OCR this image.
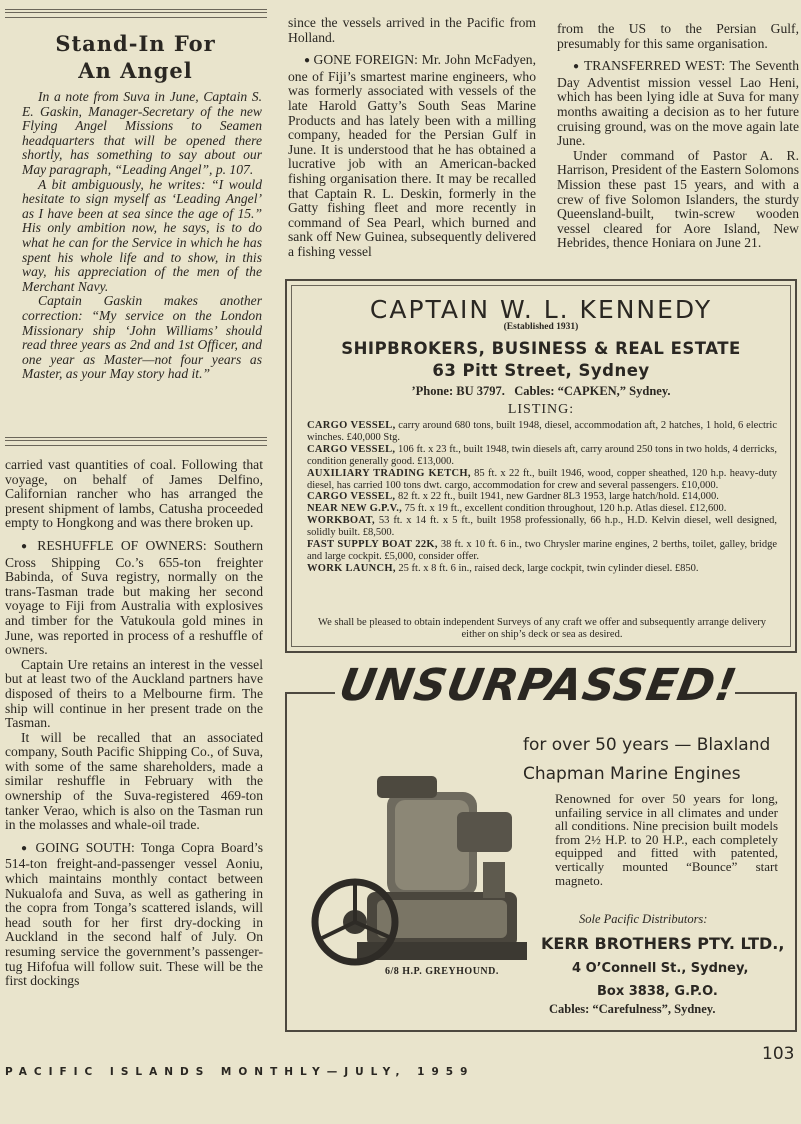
Stand-In For
An Angel

In a note from Suva in June, Captain S. E. Gaskin, Manager-Secretary of the new Flying Angel Missions to Seamen headquarters that will be opened there shortly, has something to say about our May paragraph, “Leading Angel”, p. 107.

A bit ambiguously, he writes: “I would hesitate to sign myself as ‘Leading Angel’ as I have been at sea since the age of 15.” His only ambition now, he says, is to do what he can for the Service in which he has spent his whole life and to show, in this way, his appreciation of the men of the Merchant Navy.

Captain Gaskin makes another correction: “My service on the London Missionary ship ‘John Williams’ should read three years as 2nd and 1st Officer, and one year as Master—not four years as Master, as your May story had it.”

carried vast quantities of coal. Following that voyage, on behalf of James Delfino, Californian rancher who has arranged the present shipment of lambs, Catusha proceeded empty to Hongkong and was there broken up.

● RESHUFFLE OF OWNERS: Southern Cross Shipping Co.’s 655-ton freighter Babinda, of Suva registry, normally on the trans-Tasman trade but making her second voyage to Fiji from Australia with explosives and timber for the Vatukoula gold mines in June, was reported in process of a reshuffle of owners.

Captain Ure retains an interest in the vessel but at least two of the Auckland partners have disposed of theirs to a Melbourne firm. The ship will continue in her present trade on the Tasman.

It will be recalled that an associated company, South Pacific Shipping Co., of Suva, with some of the same shareholders, made a similar reshuffle in February with the ownership of the Suva-registered 469-ton tanker Verao, which is also on the Tasman run in the molasses and whale-oil trade.

● GOING SOUTH: Tonga Copra Board’s 514-ton freight-and-passenger vessel Aoniu, which maintains monthly contact between Nukualofa and Suva, as well as gathering in the copra from Tonga’s scattered islands, will head south for her first dry-docking in Auckland in the second half of July. On resuming service the government’s passenger-tug Hifofua will follow suit. These will be the first dockings

since the vessels arrived in the Pacific from Holland.

● GONE FOREIGN: Mr. John McFadyen, one of Fiji’s smartest marine engineers, who was formerly associated with vessels of the late Harold Gatty’s South Seas Marine Products and has lately been with a milling company, headed for the Persian Gulf in June. It is understood that he has obtained a lucrative job with an American-backed fishing organisation there. It may be recalled that Captain R. L. Deskin, formerly in the Gatty fishing fleet and more recently in command of Sea Pearl, which burned and sank off New Guinea, subsequently delivered a fishing vessel

from the US to the Persian Gulf, presumably for this same organisation.

● TRANSFERRED WEST: The Seventh Day Adventist mission vessel Lao Heni, which has been lying idle at Suva for many months awaiting a decision as to her future cruising ground, was on the move again late June.

Under command of Pastor A. R. Harrison, President of the Eastern Solomons Mission these past 15 years, and with a crew of five Solomon Islanders, the sturdy Queensland-built, twin-screw wooden vessel cleared for Aore Island, New Hebrides, thence Honiara on June 21.

CAPTAIN W. L. KENNEDY
(Established 1931)
SHIPBROKERS, BUSINESS & REAL ESTATE
63 Pitt Street, Sydney
’Phone: BU 3797. Cables: “CAPKEN,” Sydney.
LISTING:

CARGO VESSEL, carry around 680 tons, built 1948, diesel, accommodation aft, 2 hatches, 1 hold, 6 electric winches. £40,000 Stg.

CARGO VESSEL, 106 ft. x 23 ft., built 1948, twin diesels aft, carry around 250 tons in two holds, 4 derricks, condition generally good. £13,000.

AUXILIARY TRADING KETCH, 85 ft. x 22 ft., built 1946, wood, copper sheathed, 120 h.p. heavy-duty diesel, has carried 100 tons dwt. cargo, accommodation for crew and several passengers. £10,000.

CARGO VESSEL, 82 ft. x 22 ft., built 1941, new Gardner 8L3 1953, large hatch/hold. £14,000.

NEAR NEW G.P.V., 75 ft. x 19 ft., excellent condition throughout, 120 h.p. Atlas diesel. £12,600.

WORKBOAT, 53 ft. x 14 ft. x 5 ft., built 1958 professionally, 66 h.p., H.D. Kelvin diesel, well designed, solidly built. £8,500.

FAST SUPPLY BOAT 22K, 38 ft. x 10 ft. 6 in., two Chrysler marine engines, 2 berths, toilet, galley, bridge and large cockpit. £5,000, consider offer.

WORK LAUNCH, 25 ft. x 8 ft. 6 in., raised deck, large cockpit, twin cylinder diesel. £850.

We shall be pleased to obtain independent Surveys of any craft we offer and subsequently arrange delivery either on ship’s deck or sea as desired.
UNSURPASSED!
for over 50 years — Blaxland
Chapman Marine Engines
Renowned for over 50 years for long, unfailing service in all climates and under all conditions. Nine precision built models from 2½ H.P. to 20 H.P., each completely equipped and fitted with patented, vertically mounted “Bounce” start magneto.
6/8 H.P. GREYHOUND.
Sole Pacific Distributors:
KERR BROTHERS PTY. LTD.,
4 O’Connell St., Sydney,
Box 3838, G.P.O.
Cables: “Carefulness”, Sydney.
PACIFIC ISLANDS MONTHLY—JULY, 1959
103
